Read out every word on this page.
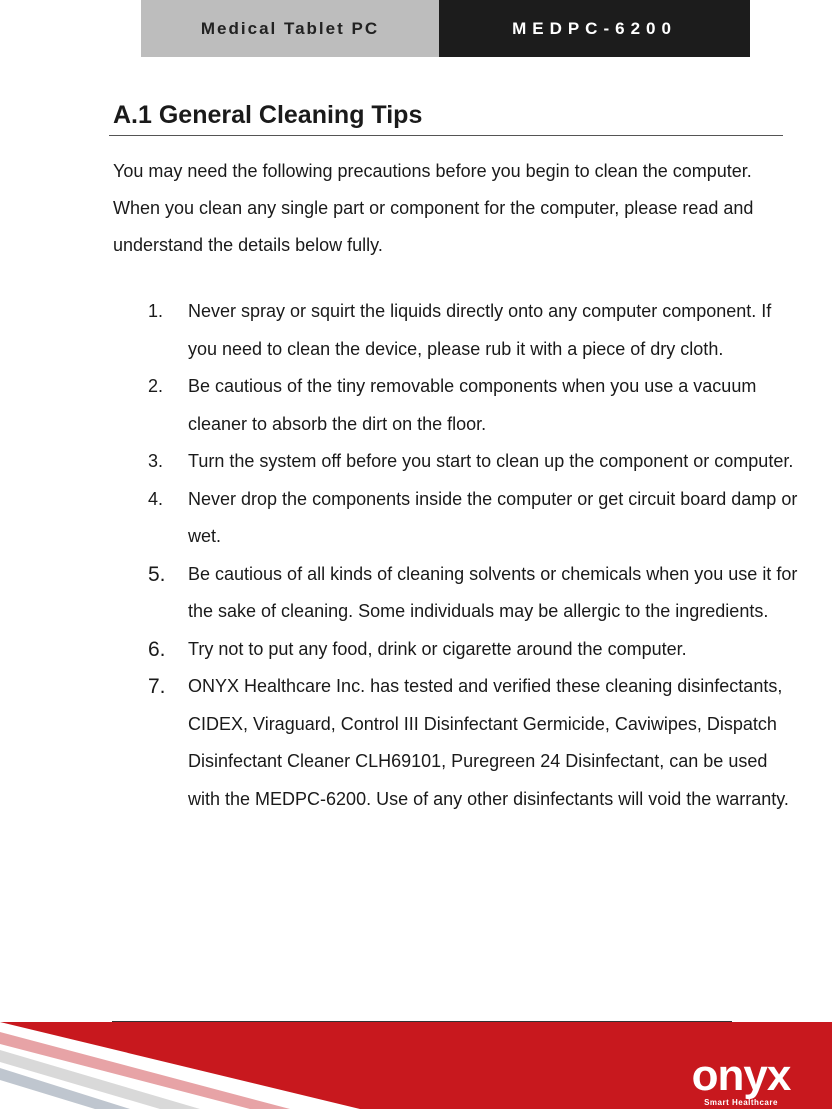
Medical Tablet PC	MEDPC-6200
A.1 General Cleaning Tips

You may need the following precautions before you begin to clean the computer. When you clean any single part or component for the computer, please read and understand the details below fully.

1.	Never spray or squirt the liquids directly onto any computer component. If you need to clean the device, please rub it with a piece of dry cloth.
2.	Be cautious of the tiny removable components when you use a vacuum cleaner to absorb the dirt on the floor.
3.	Turn the system off before you start to clean up the component or computer.
4.	Never drop the components inside the computer or get circuit board damp or wet.
5.	Be cautious of all kinds of cleaning solvents or chemicals when you use it for the sake of cleaning. Some individuals may be allergic to the ingredients.
6.	Try not to put any food, drink or cigarette around the computer.
7.	ONYX Healthcare Inc. has tested and verified these cleaning disinfectants, CIDEX, Viraguard, Control III Disinfectant Germicide, Caviwipes, Dispatch Disinfectant Cleaner CLH69101, Puregreen 24 Disinfectant, can be used with the MEDPC-6200. Use of any other disinfectants will void the warranty.
onyx
Smart Healthcare
